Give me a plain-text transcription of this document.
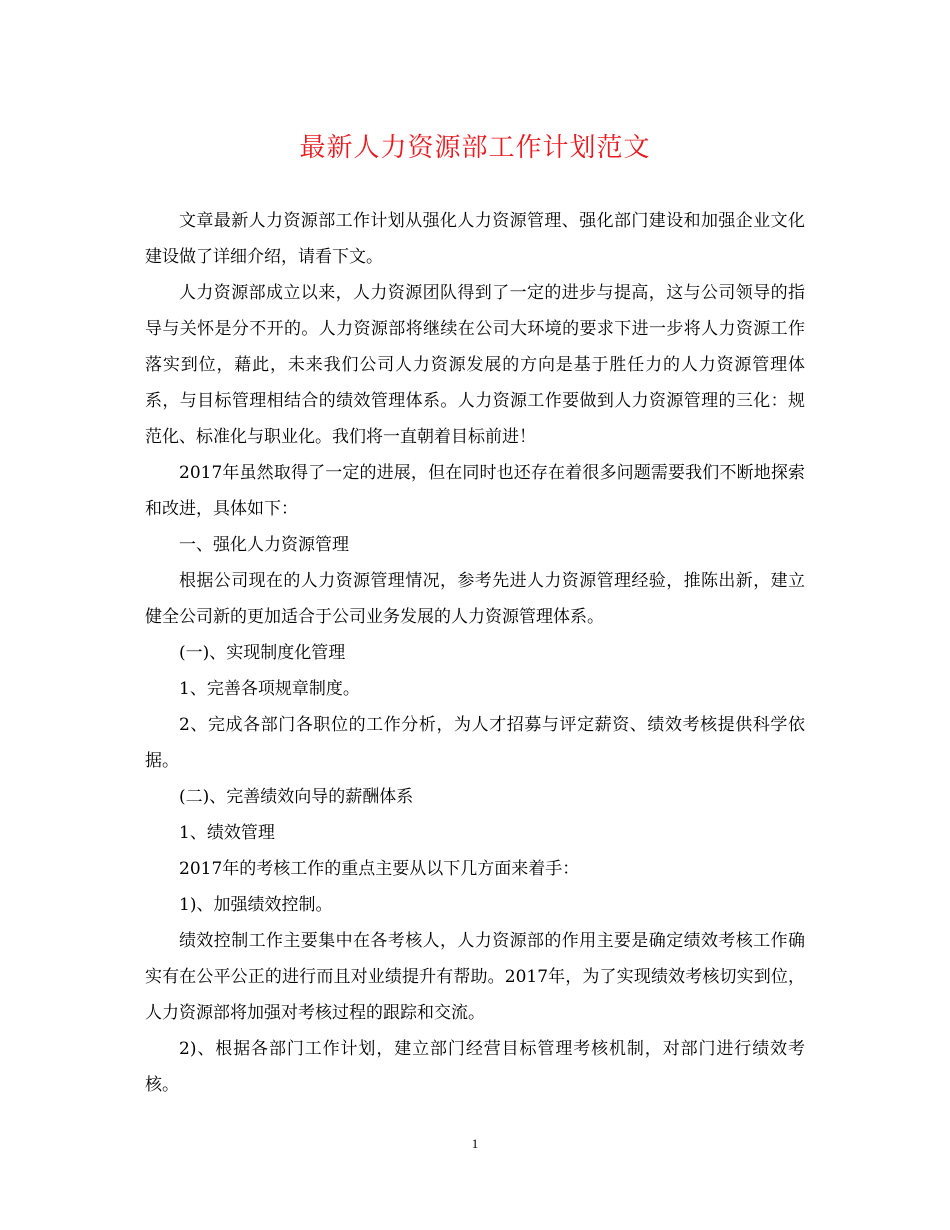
最新人力资源部工作计划范文

文章最新人力资源部工作计划从强化人力资源管理、强化部门建设和加强企业文化建设做了详细介绍，请看下文。

人力资源部成立以来，人力资源团队得到了一定的进步与提高，这与公司领导的指导与关怀是分不开的。人力资源部将继续在公司大环境的要求下进一步将人力资源工作落实到位，藉此，未来我们公司人力资源发展的方向是基于胜任力的人力资源管理体系，与目标管理相结合的绩效管理体系。人力资源工作要做到人力资源管理的三化：规范化、标准化与职业化。我们将一直朝着目标前进！

2017年虽然取得了一定的进展，但在同时也还存在着很多问题需要我们不断地探索和改进，具体如下：

一、强化人力资源管理

根据公司现在的人力资源管理情况，参考先进人力资源管理经验，推陈出新，建立健全公司新的更加适合于公司业务发展的人力资源管理体系。

(一)、实现制度化管理

1、完善各项规章制度。

2、完成各部门各职位的工作分析，为人才招募与评定薪资、绩效考核提供科学依据。

(二)、完善绩效向导的薪酬体系

1、绩效管理

2017年的考核工作的重点主要从以下几方面来着手：

1)、加强绩效控制。

绩效控制工作主要集中在各考核人，人力资源部的作用主要是确定绩效考核工作确实有在公平公正的进行而且对业绩提升有帮助。2017年，为了实现绩效考核切实到位，人力资源部将加强对考核过程的跟踪和交流。

2)、根据各部门工作计划，建立部门经营目标管理考核机制，对部门进行绩效考核。

1
